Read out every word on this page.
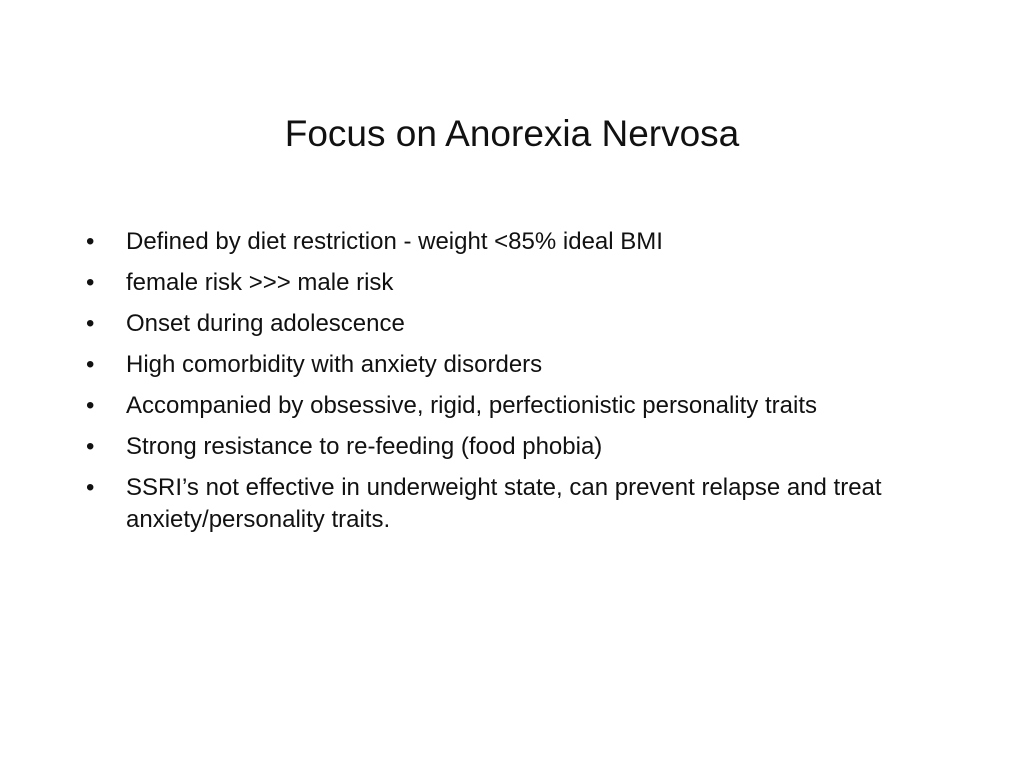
Focus on Anorexia Nervosa
• Defined by diet restriction - weight <85% ideal BMI
• female risk >>> male risk
• Onset during adolescence
• High comorbidity with anxiety disorders
• Accompanied by obsessive, rigid, perfectionistic personality traits
• Strong resistance to re-feeding (food phobia)
• SSRI’s not effective in underweight state, can prevent relapse and treat anxiety/personality traits.
